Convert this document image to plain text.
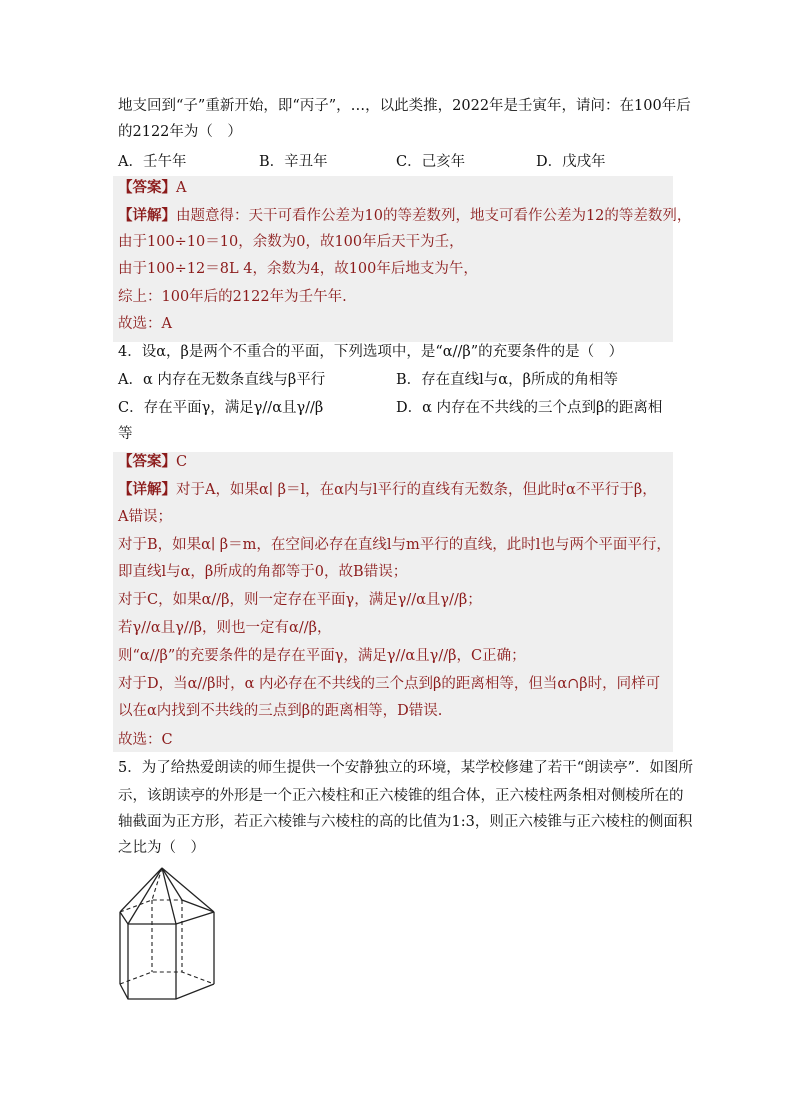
地支回到“子”重新开始，即“丙子”，…，以此类推，2022年是壬寅年，请问：在100年后
的2122年为（　）
A．壬午年	B．辛丑年	C．己亥年	D．戊戌年
【答案】A
【详解】由题意得：天干可看作公差为10的等差数列，地支可看作公差为12的等差数列，
由于100÷10＝10，余数为0，故100年后天干为壬，
由于100÷12＝8L 4，余数为4，故100年后地支为午，
综上：100年后的2122年为壬午年.
故选：A
4．设α，β是两个不重合的平面，下列选项中，是“α//β”的充要条件的是（　）
A．α 内存在无数条直线与β平行	B．存在直线l与α，β所成的角相等
C．存在平面γ，满足γ//α且γ//β	D．α 内存在不共线的三个点到β的距离相
等
【答案】C
【详解】对于A，如果α∣ β＝l，在α内与l平行的直线有无数条，但此时α不平行于β，
A错误；
对于B，如果α∣ β＝m，在空间必存在直线l与m平行的直线，此时l也与两个平面平行，
即直线l与α，β所成的角都等于0，故B错误；
对于C，如果α//β，则一定存在平面γ，满足γ//α且γ//β；
若γ//α且γ//β，则也一定有α//β，
则“α//β”的充要条件的是存在平面γ，满足γ//α且γ//β，C正确；
对于D，当α//β时，α 内必存在不共线的三个点到β的距离相等，但当α∩β时，同样可
以在α内找到不共线的三点到β的距离相等，D错误.
故选：C
5．为了给热爱朗读的师生提供一个安静独立的环境，某学校修建了若干“朗读亭”．如图所
示，该朗读亭的外形是一个正六棱柱和正六棱锥的组合体，正六棱柱两条相对侧棱所在的
轴截面为正方形，若正六棱锥与六棱柱的高的比值为1:3，则正六棱锥与正六棱柱的侧面积
之比为（　）
